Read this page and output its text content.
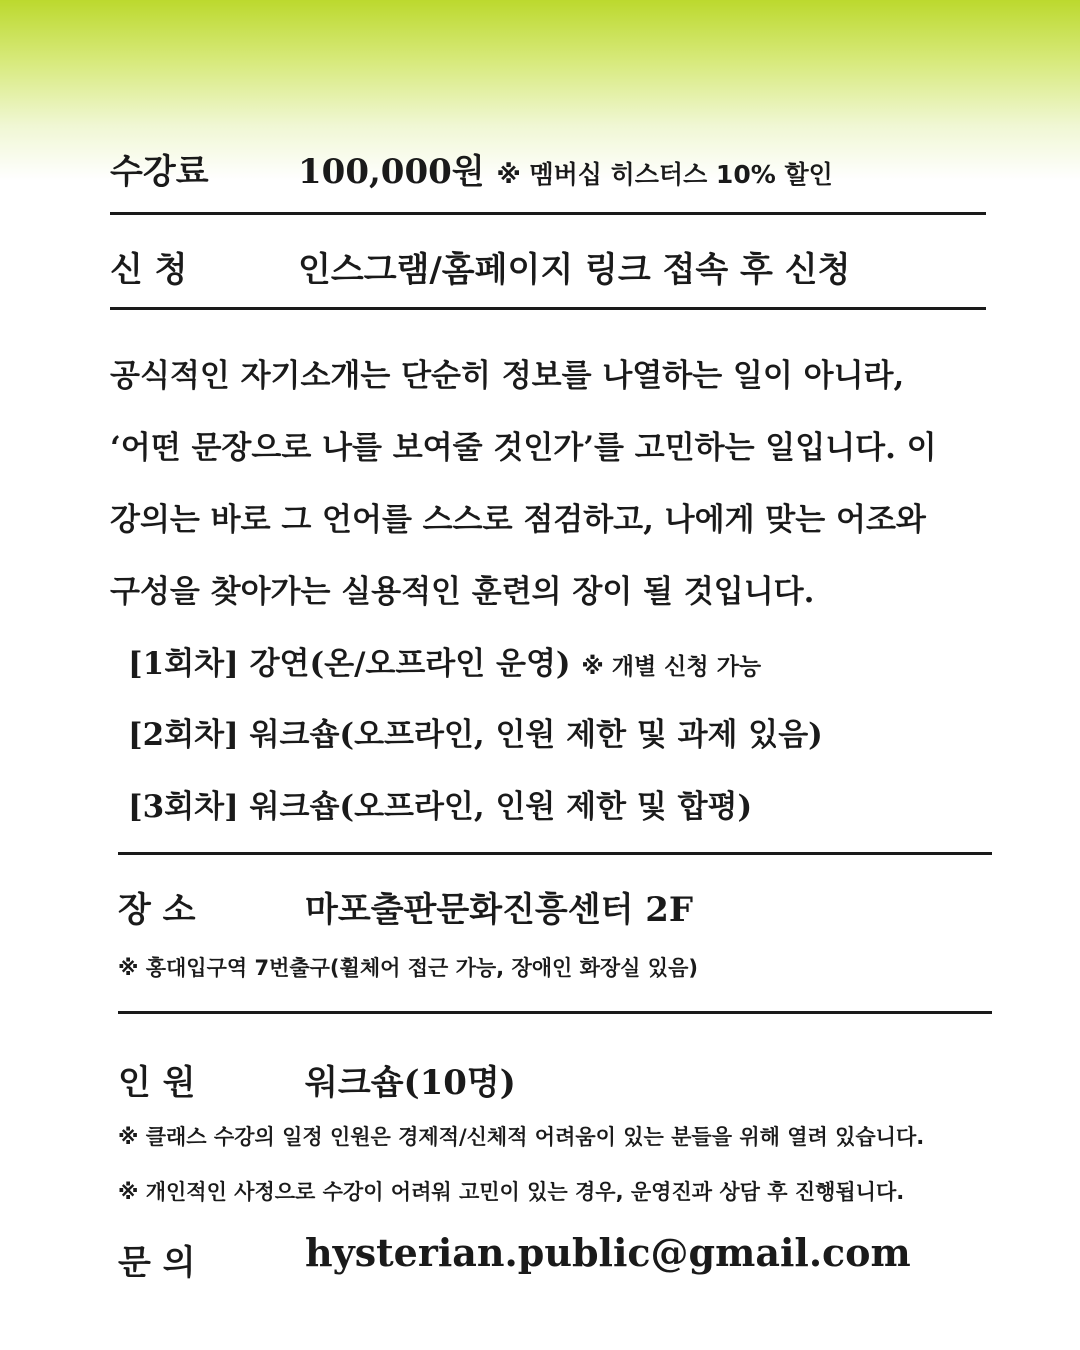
수강료	100,000원 ※ 멤버십 히스터스 10% 할인
신 청	인스그램/홈페이지 링크 접속 후 신청
공식적인 자기소개는 단순히 정보를 나열하는 일이 아니라,
‘어떤 문장으로 나를 보여줄 것인가’를 고민하는 일입니다. 이
강의는 바로 그 언어를 스스로 점검하고, 나에게 맞는 어조와
구성을 찾아가는 실용적인 훈련의 장이 될 것입니다.
[1회차] 강연(온/오프라인 운영) ※ 개별 신청 가능
[2회차] 워크숍(오프라인, 인원 제한 및 과제 있음)
[3회차] 워크숍(오프라인, 인원 제한 및 합평)
장 소	마포출판문화진흥센터 2F
※ 홍대입구역 7번출구(휠체어 접근 가능, 장애인 화장실 있음)
인 원	워크숍(10명)
※ 클래스 수강의 일정 인원은 경제적/신체적 어려움이 있는 분들을 위해 열려 있습니다.
※ 개인적인 사정으로 수강이 어려워 고민이 있는 경우, 운영진과 상담 후 진행됩니다.
문 의	hysterian.public@gmail.com
